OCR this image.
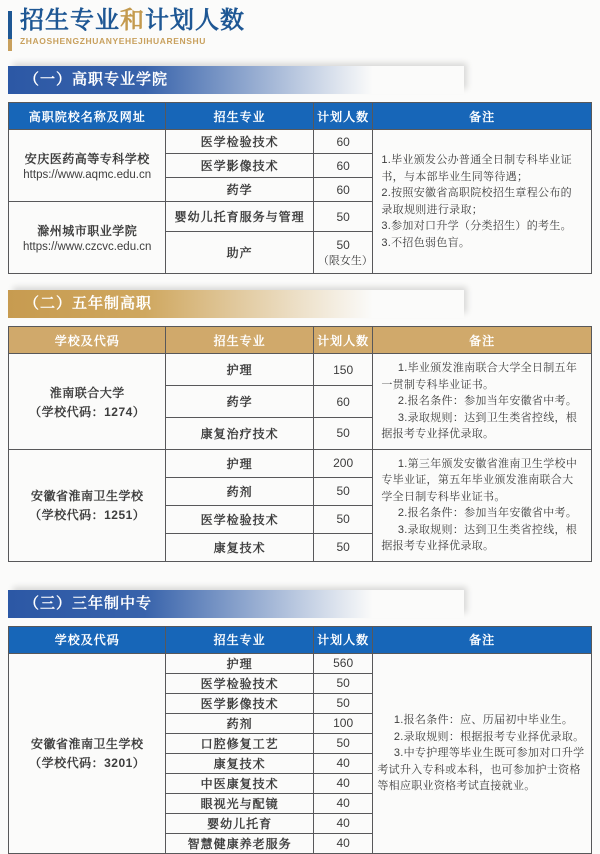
招生专业和计划人数
ZHAOSHENGZHUANYEHEJIHUARENSHU
（一）高职专业学院
高职院校名称及网址	招生专业	计划人数	备注

安庆医药高等专科学校
https://www.aqmc.edu.cn
	医学检验技术	60	

1.毕业颁发公办普通全日制专科毕业证书，与本部毕业生同等待遇；

2.按照安徽省高职院校招生章程公布的录取规则进行录取；

3.参加对口升学（分类招生）的考生。

3.不招色弱色盲。

	医学影像技术	60	
	药学	60	

滁州城市职业学院
https://www.czcvc.edu.cn	婴幼儿托育服务与管理	50	
	助产	50
（限女生）	
（二）五年制高职
学校及代码	招生专业	计划人数	备注

淮南联合大学
（学校代码：1274）
	护理	150	1.毕业颁发淮南联合大学全日制五年一贯制专科毕业证书。

2.报名条件：参加当年安徽省中考。

3.录取规则：达到卫生类省控线，根据报考专业择优录取。

	药学	60	
	康复治疗技术	50	

安徽省淮南卫生学校
（学校代码：1251）
	护理	200	1.第三年颁发安徽省淮南卫生学校中专毕业证，第五年毕业颁发淮南联合大学全日制专科毕业证书。

2.报名条件：参加当年安徽省中考。

3.录取规则：达到卫生类省控线，根据报考专业择优录取。

	药剂	50	
	医学检验技术	50	
	康复技术	50	
（三）三年制中专
学校及代码	招生专业	计划人数	备注

安徽省淮南卫生学校
（学校代码：3201）
	护理	560	

1.报名条件：应、历届初中毕业生。

2.录取规则：根据报考专业择优录取。

3.中专护理等毕业生既可参加对口升学考试升入专科或本科，也可参加护士资格等相应职业资格考试直接就业。

	医学检验技术	50	
	医学影像技术	50	
	药剂	100	
	口腔修复工艺	50	
	康复技术	40	
	中医康复技术	40	
	眼视光与配镜	40	
	婴幼儿托育	40	
	智慧健康养老服务	40	
